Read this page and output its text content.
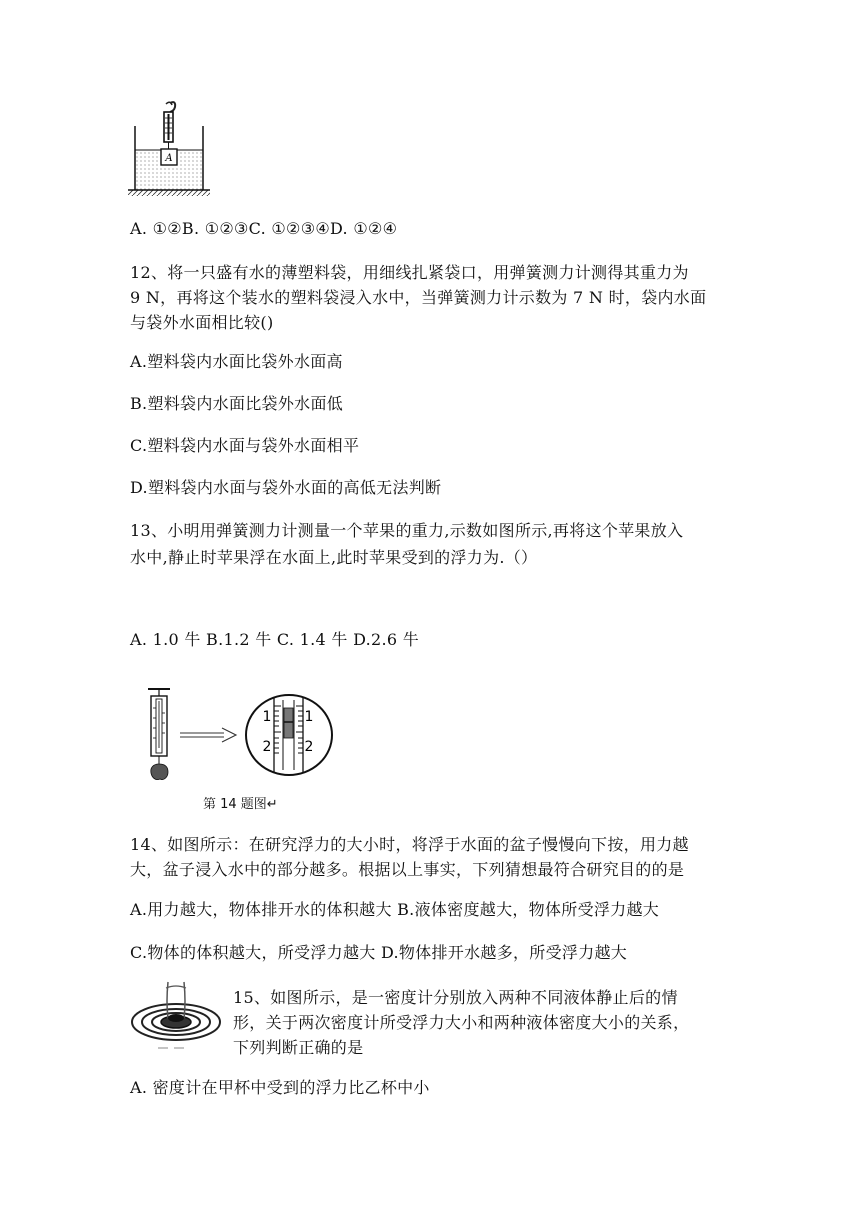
A
A. ①②B. ①②③C. ①②③④D. ①②④
12、将一只盛有水的薄塑料袋，用细线扎紧袋口，用弹簧测力计测得其重力为
9 N，再将这个装水的塑料袋浸入水中，当弹簧测力计示数为 7 N 时，袋内水面
与袋外水面相比较()
A.塑料袋内水面比袋外水面高
B.塑料袋内水面比袋外水面低
C.塑料袋内水面与袋外水面相平
D.塑料袋内水面与袋外水面的高低无法判断
13、小明用弹簧测力计测量一个苹果的重力,示数如图所示,再将这个苹果放入
水中,静止时苹果浮在水面上,此时苹果受到的浮力为.（）
A. 1.0 牛 B.1.2 牛 C. 1.4 牛 D.2.6 牛
1 1
2 2
第 14 题图↵
14、如图所示：在研究浮力的大小时，将浮于水面的盆子慢慢向下按，用力越
大，盆子浸入水中的部分越多。根据以上事实，下列猜想最符合研究目的的是
A.用力越大，物体排开水的体积越大 B.液体密度越大，物体所受浮力越大
C.物体的体积越大，所受浮力越大 D.物体排开水越多，所受浮力越大
15、如图所示，是一密度计分别放入两种不同液体静止后的情
形，关于两次密度计所受浮力大小和两种液体密度大小的关系，
下列判断正确的是
A. 密度计在甲杯中受到的浮力比乙杯中小
